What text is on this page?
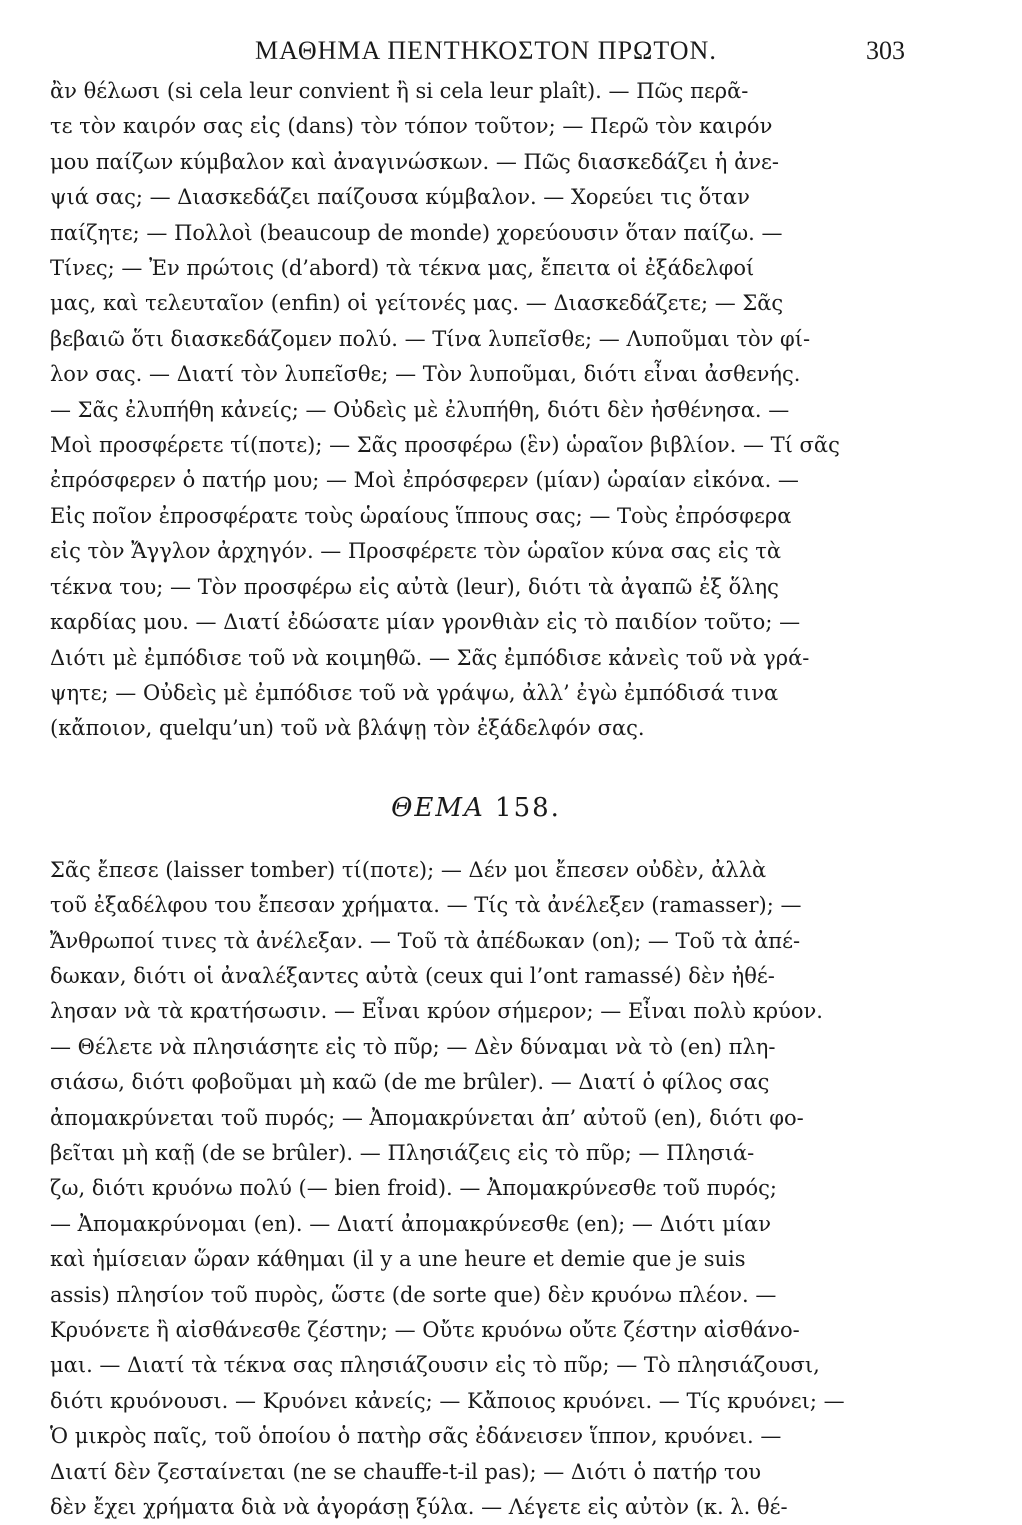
ΜΑΘΗΜΑ ΠΕΝΤΗΚΟΣΤΟΝ ΠΡΩΤΟΝ.	303
ἂν θέλωσι (si cela leur convient ἢ si cela leur plaît). — Πῶς περᾶ-
τε τὸν καιρόν σας εἰς (dans) τὸν τόπον τοῦτον; — Περῶ τὸν καιρόν
μου παίζων κύμβαλον καὶ ἀναγινώσκων. — Πῶς διασκεδάζει ἡ ἀνε-
ψιά σας; — Διασκεδάζει παίζουσα κύμβαλον. — Χορεύει τις ὅταν
παίζητε; — Πολλοὶ (beaucoup de monde) χορεύουσιν ὅταν παίζω. —
Τίνες; — Ἐν πρώτοις (d’abord) τὰ τέκνα μας, ἔπειτα οἱ ἐξάδελφοί
μας, καὶ τελευταῖον (enfin) οἱ γείτονές μας. — Διασκεδάζετε; — Σᾶς
βεβαιῶ ὅτι διασκεδάζομεν πολύ. — Τίνα λυπεῖσθε; — Λυποῦμαι τὸν φί-
λον σας. — Διατί τὸν λυπεῖσθε; — Τὸν λυποῦμαι, διότι εἶναι ἀσθενής.
— Σᾶς ἐλυπήθη κἀνείς; — Οὐδεὶς μὲ ἐλυπήθη, διότι δὲν ἠσθένησα. —
Μοὶ προσφέρετε τί(ποτε); — Σᾶς προσφέρω (ἓν) ὡραῖον βιβλίον. — Τί σᾶς
ἐπρόσφερεν ὁ πατήρ μου; — Μοὶ ἐπρόσφερεν (μίαν) ὡραίαν εἰκόνα. —
Εἰς ποῖον ἐπροσφέρατε τοὺς ὡραίους ἵππους σας; — Τοὺς ἐπρόσφερα
εἰς τὸν Ἄγγλον ἀρχηγόν. — Προσφέρετε τὸν ὡραῖον κύνα σας εἰς τὰ
τέκνα του; — Τὸν προσφέρω εἰς αὐτὰ (leur), διότι τὰ ἀγαπῶ ἐξ ὅλης
καρδίας μου. — Διατί ἐδώσατε μίαν γρονθιὰν εἰς τὸ παιδίον τοῦτο; —
Διότι μὲ ἐμπόδισε τοῦ νὰ κοιμηθῶ. — Σᾶς ἐμπόδισε κἀνεὶς τοῦ νὰ γρά-
ψητε; — Οὐδεὶς μὲ ἐμπόδισε τοῦ νὰ γράψω, ἀλλ’ ἐγὼ ἐμπόδισά τινα
(κἄποιον, quelqu’un) τοῦ νὰ βλάψῃ τὸν ἐξάδελφόν σας.
ΘΕΜΑ 158.
Σᾶς ἔπεσε (laisser tomber) τί(ποτε); — Δέν μοι ἔπεσεν οὐδὲν, ἀλλὰ
τοῦ ἐξαδέλφου του ἔπεσαν χρήματα. — Τίς τὰ ἀνέλεξεν (ramasser); —
Ἄνθρωποί τινες τὰ ἀνέλεξαν. — Τοῦ τὰ ἀπέδωκαν (on); — Τοῦ τὰ ἀπέ-
δωκαν, διότι οἱ ἀναλέξαντες αὐτὰ (ceux qui l’ont ramassé) δὲν ἠθέ-
λησαν νὰ τὰ κρατήσωσιν. — Εἶναι κρύον σήμερον; — Εἶναι πολὺ κρύον.
— Θέλετε νὰ πλησιάσητε εἰς τὸ πῦρ; — Δὲν δύναμαι νὰ τὸ (en) πλη-
σιάσω, διότι φοβοῦμαι μὴ καῶ (de me brûler). — Διατί ὁ φίλος σας
ἀπομακρύνεται τοῦ πυρός; — Ἀπομακρύνεται ἀπ’ αὐτοῦ (en), διότι φο-
βεῖται μὴ καῇ (de se brûler). — Πλησιάζεις εἰς τὸ πῦρ; — Πλησιά-
ζω, διότι κρυόνω πολύ (— bien froid). — Ἀπομακρύνεσθε τοῦ πυρός;
— Ἀπομακρύνομαι (en). — Διατί ἀπομακρύνεσθε (en); — Διότι μίαν
καὶ ἡμίσειαν ὥραν κάθημαι (il y a une heure et demie que je suis
assis) πλησίον τοῦ πυρὸς, ὥστε (de sorte que) δὲν κρυόνω πλέον. —
Κρυόνετε ἢ αἰσθάνεσθε ζέστην; — Οὔτε κρυόνω οὔτε ζέστην αἰσθάνο-
μαι. — Διατί τὰ τέκνα σας πλησιάζουσιν εἰς τὸ πῦρ; — Τὸ πλησιάζουσι,
διότι κρυόνουσι. — Κρυόνει κἀνείς; — Κἄποιος κρυόνει. — Τίς κρυόνει; —
Ὁ μικρὸς παῖς, τοῦ ὁποίου ὁ πατὴρ σᾶς ἐδάνεισεν ἵππον, κρυόνει. —
Διατί δὲν ζεσταίνεται (ne se chauffe-t-il pas); — Διότι ὁ πατήρ του
δὲν ἔχει χρήματα διὰ νὰ ἀγοράσῃ ξύλα. — Λέγετε εἰς αὐτὸν (κ. λ. θέ-
